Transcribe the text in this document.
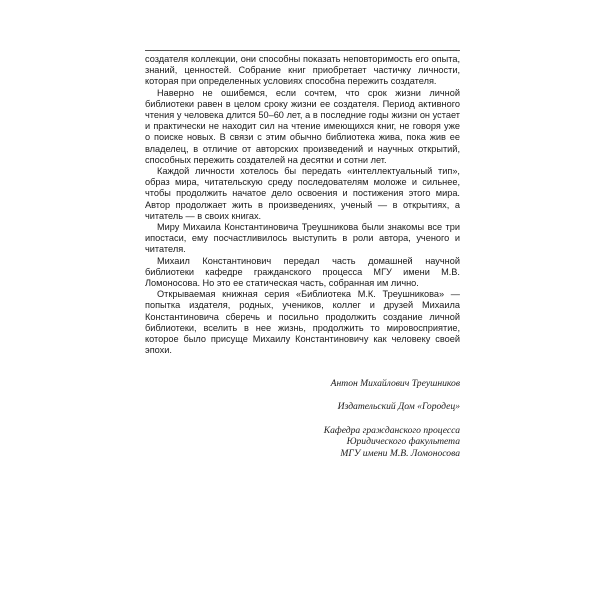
создателя коллекции, они способны показать неповторимость его опыта, знаний, ценностей. Собрание книг приобретает частичку личности, которая при определенных условиях способна пережить создателя.

Наверно не ошибемся, если сочтем, что срок жизни личной библиотеки равен в целом сроку жизни ее создателя. Период активного чтения у человека длится 50–60 лет, а в последние годы жизни он устает и практически не находит сил на чтение имеющихся книг, не говоря уже о поиске новых. В связи с этим обычно библиотека жива, пока жив ее владелец, в отличие от авторских произведений и научных открытий, способных пережить создателей на десятки и сотни лет.

Каждой личности хотелось бы передать «интеллектуальный тип», образ мира, читательскую среду последователям моложе и сильнее, чтобы продолжить начатое дело освоения и постижения этого мира. Автор продолжает жить в произведениях, ученый — в открытиях, а читатель — в своих книгах.

Миру Михаила Константиновича Треушникова были знакомы все три ипостаси, ему посчастливилось выступить в роли автора, ученого и читателя.

Михаил Константинович передал часть домашней научной библиотеки кафедре гражданского процесса МГУ имени М.В. Ломоносова. Но это ее статическая часть, собранная им лично.

Открываемая книжная серия «Библиотека М.К. Треушникова» — попытка издателя, родных, учеников, коллег и друзей Михаила Константиновича сберечь и посильно продолжить создание личной библиотеки, вселить в нее жизнь, продолжить то мировосприятие, которое было присуще Михаилу Константиновичу как человеку своей эпохи.

Антон Михайлович Треушников

Издательский Дом «Городец»

Кафедра гражданского процесса
Юридического факультета
МГУ имени М.В. Ломоносова
